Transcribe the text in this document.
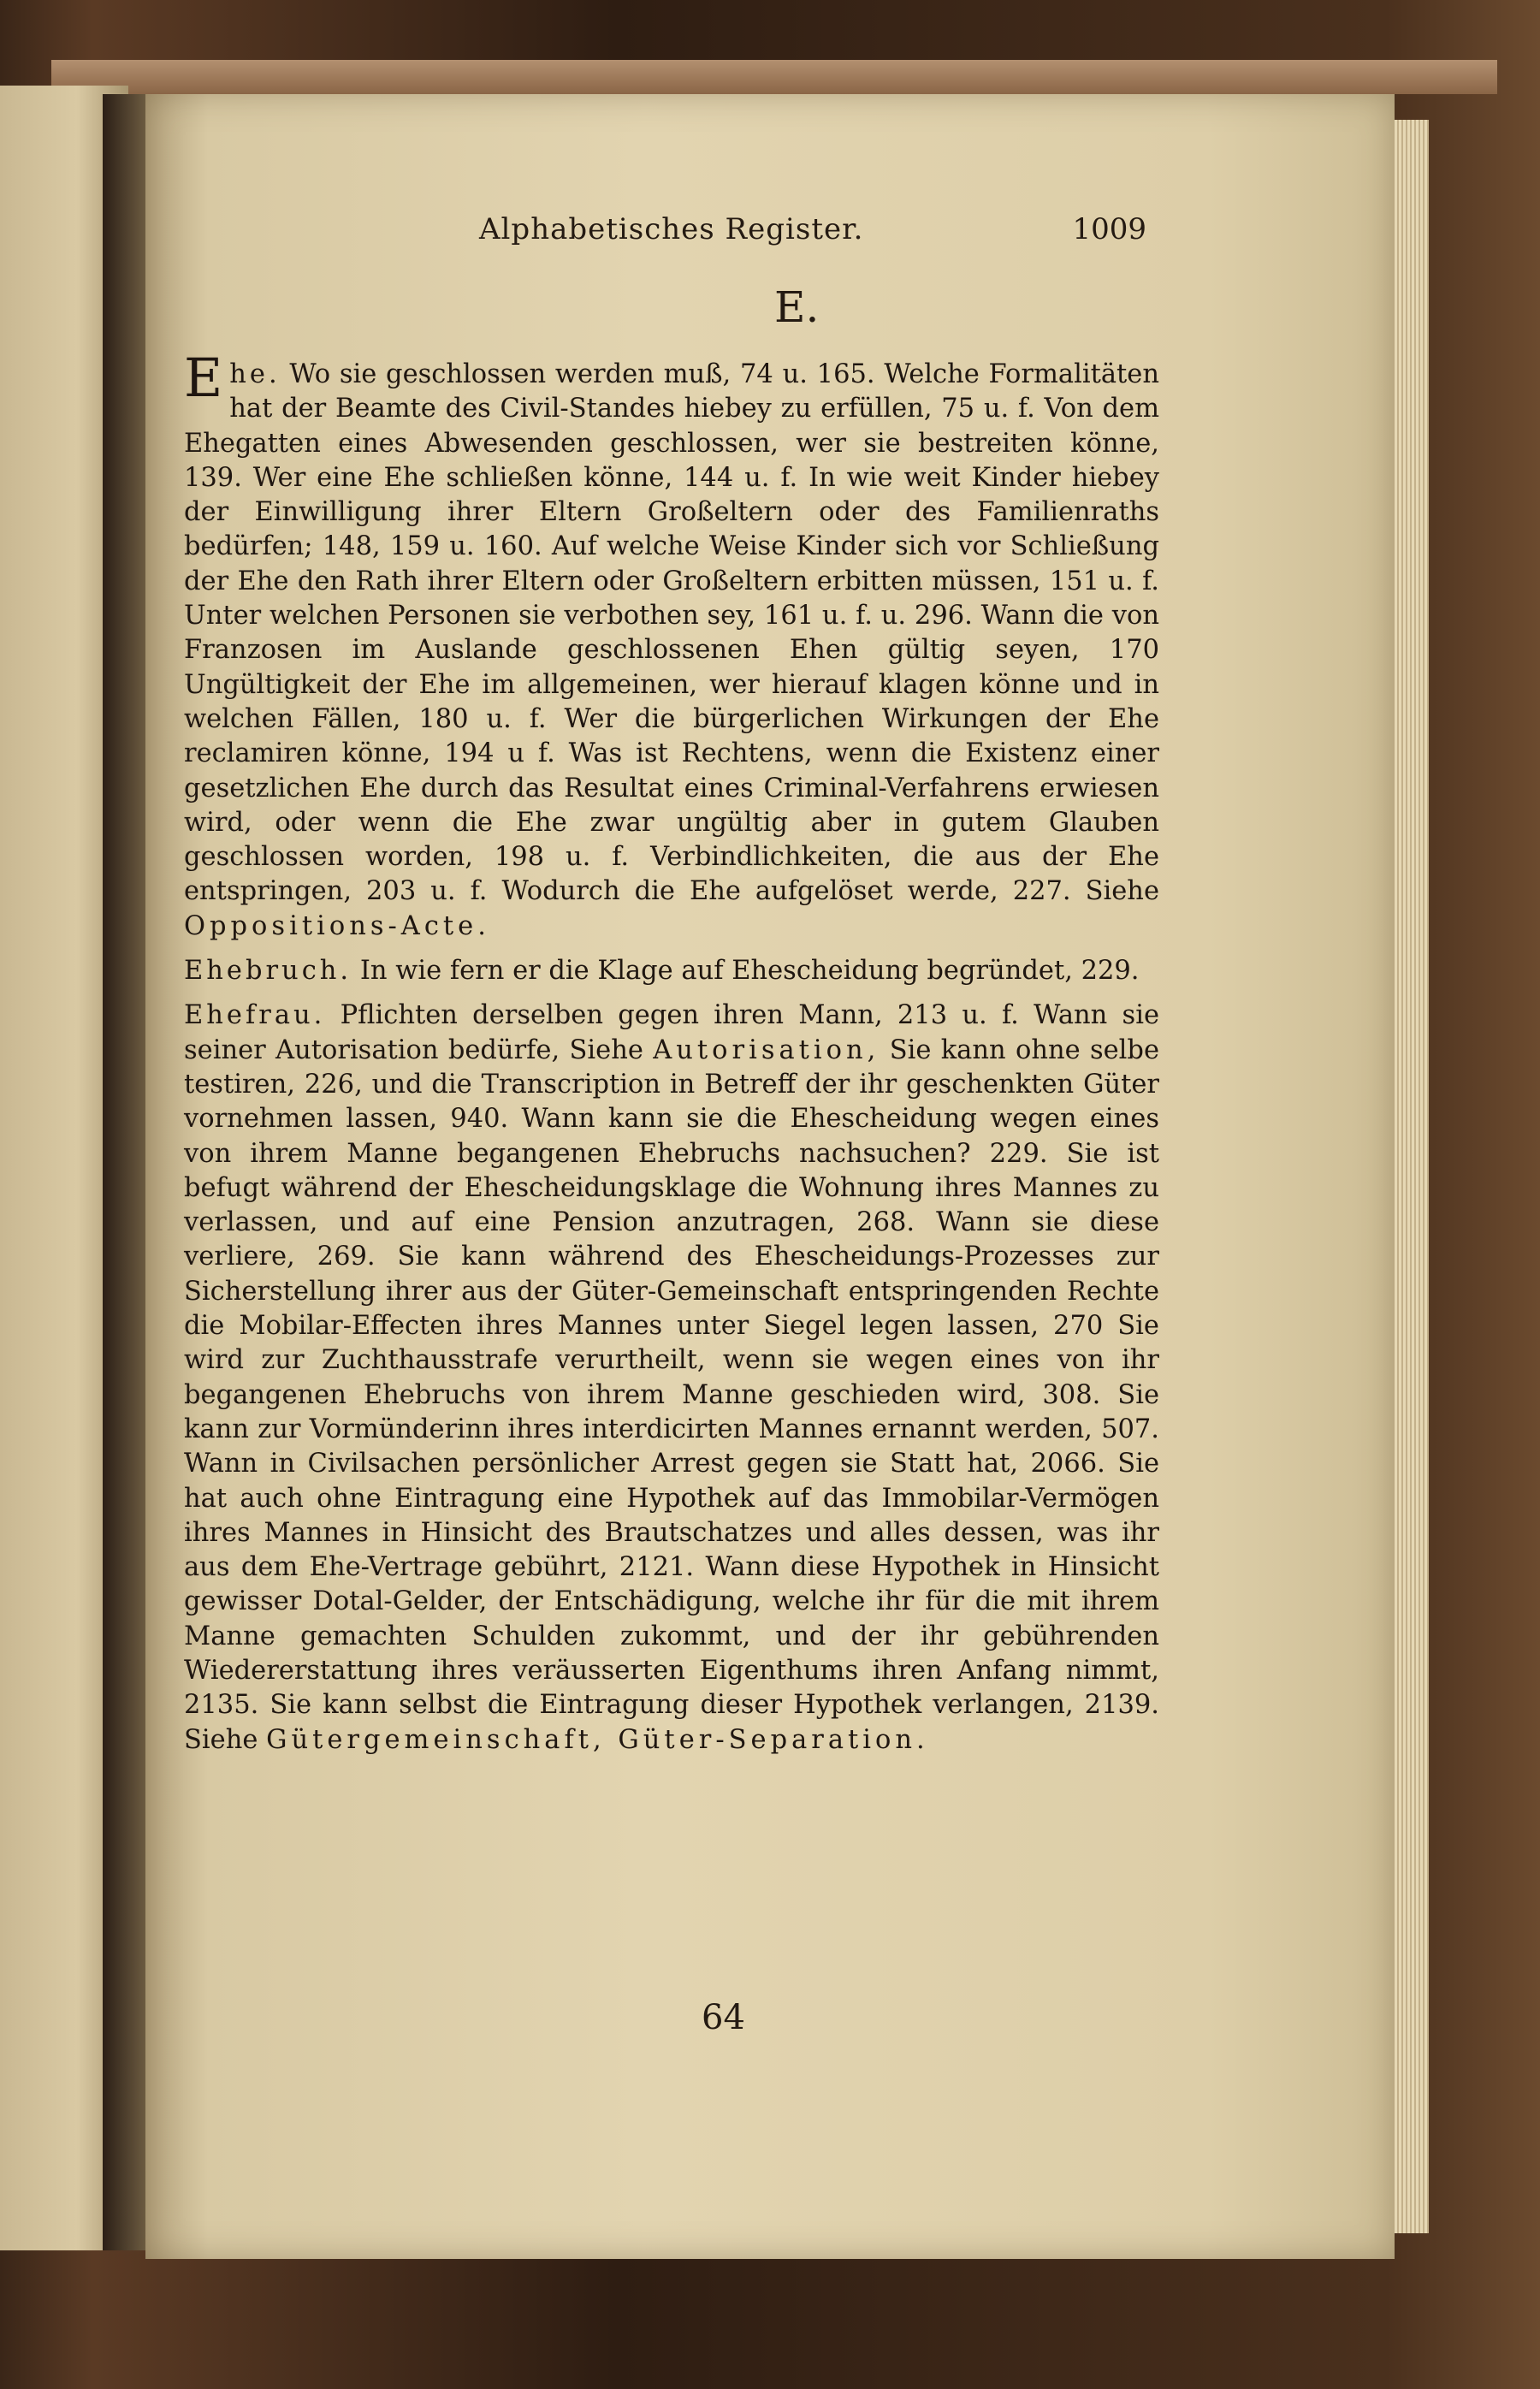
Alphabetisches Register.	1009
E.

E he. Wo sie geschlossen werden muß, 74 u. 165. Welche Formalitäten hat der Beamte des Civil-Standes hiebey zu erfüllen, 75 u. f. Von dem Ehegatten eines Abwesenden geschlossen, wer sie bestreiten könne, 139. Wer eine Ehe schließen könne, 144 u. f. In wie weit Kinder hiebey der Einwilligung ihrer Eltern Großeltern oder des Familienraths bedürfen; 148, 159 u. 160. Auf welche Weise Kinder sich vor Schließung der Ehe den Rath ihrer Eltern oder Großeltern erbitten müssen, 151 u. f. Unter welchen Personen sie verbothen sey, 161 u. f. u. 296. Wann die von Franzosen im Auslande geschlossenen Ehen gültig seyen, 170 Ungültigkeit der Ehe im allgemeinen, wer hierauf klagen könne und in welchen Fällen, 180 u. f. Wer die bürgerlichen Wirkungen der Ehe reclamiren könne, 194 u f. Was ist Rechtens, wenn die Existenz einer gesetzlichen Ehe durch das Resultat eines Criminal-Verfahrens erwiesen wird, oder wenn die Ehe zwar ungültig aber in gutem Glauben geschlossen worden, 198 u. f. Verbindlichkeiten, die aus der Ehe entspringen, 203 u. f. Wodurch die Ehe aufgelöset werde, 227. Siehe Oppositions-Acte.

Ehebruch. In wie fern er die Klage auf Ehescheidung begründet, 229.

Ehefrau. Pflichten derselben gegen ihren Mann, 213 u. f. Wann sie seiner Autorisation bedürfe, Siehe Autorisation, Sie kann ohne selbe testiren, 226, und die Transcription in Betreff der ihr geschenkten Güter vornehmen lassen, 940. Wann kann sie die Ehescheidung wegen eines von ihrem Manne begangenen Ehebruchs nachsuchen? 229. Sie ist befugt während der Ehescheidungsklage die Wohnung ihres Mannes zu verlassen, und auf eine Pension anzutragen, 268. Wann sie diese verliere, 269. Sie kann während des Ehescheidungs-Prozesses zur Sicherstellung ihrer aus der Güter-Gemeinschaft entspringenden Rechte die Mobilar-Effecten ihres Mannes unter Siegel legen lassen, 270 Sie wird zur Zuchthausstrafe verurtheilt, wenn sie wegen eines von ihr begangenen Ehebruchs von ihrem Manne geschieden wird, 308. Sie kann zur Vormünderinn ihres interdicirten Mannes ernannt werden, 507. Wann in Civilsachen persönlicher Arrest gegen sie Statt hat, 2066. Sie hat auch ohne Eintragung eine Hypothek auf das Immobilar-Vermögen ihres Mannes in Hinsicht des Brautschatzes und alles dessen, was ihr aus dem Ehe-Vertrage gebührt, 2121. Wann diese Hypothek in Hinsicht gewisser Dotal-Gelder, der Entschädigung, welche ihr für die mit ihrem Manne gemachten Schulden zukommt, und der ihr gebührenden Wiedererstattung ihres veräusserten Eigenthums ihren Anfang nimmt, 2135. Sie kann selbst die Eintragung dieser Hypothek verlangen, 2139. Siehe Gütergemeinschaft, Güter-Separation.

64
